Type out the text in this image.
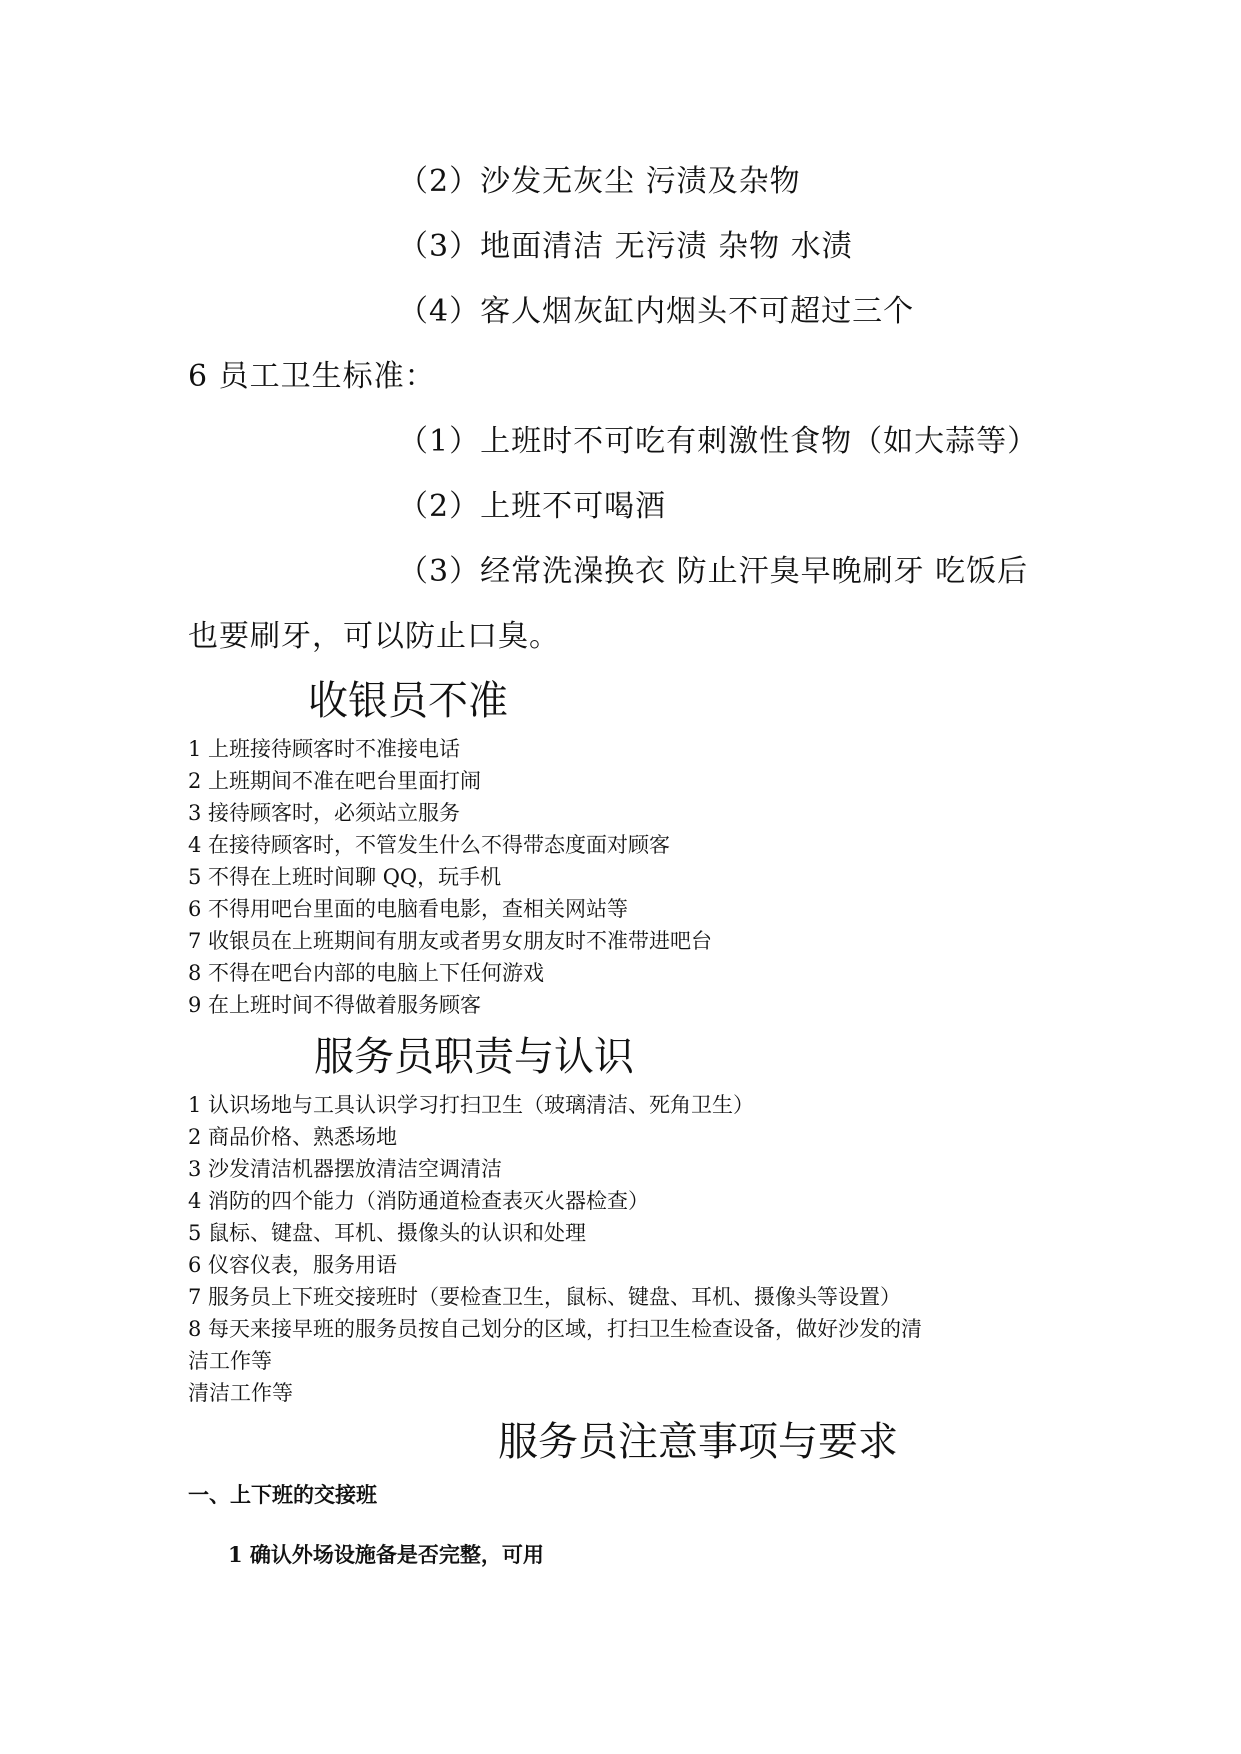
（2）沙发无灰尘 污渍及杂物
（3）地面清洁 无污渍 杂物 水渍
（4）客人烟灰缸内烟头不可超过三个
6 员工卫生标准：
（1）上班时不可吃有刺激性食物（如大蒜等）
（2）上班不可喝酒
（3）经常洗澡换衣 防止汗臭早晚刷牙 吃饭后
也要刷牙，可以防止口臭。
收银员不准
1 上班接待顾客时不准接电话
2 上班期间不准在吧台里面打闹
3 接待顾客时，必须站立服务
4 在接待顾客时，不管发生什么不得带态度面对顾客
5 不得在上班时间聊 QQ，玩手机
6 不得用吧台里面的电脑看电影，查相关网站等
7 收银员在上班期间有朋友或者男女朋友时不准带进吧台
8 不得在吧台内部的电脑上下任何游戏
9 在上班时间不得做着服务顾客
服务员职责与认识
1 认识场地与工具认识学习打扫卫生（玻璃清洁、死角卫生）
2 商品价格、熟悉场地
3 沙发清洁机器摆放清洁空调清洁
4 消防的四个能力（消防通道检查表灭火器检查）
5 鼠标、键盘、耳机、摄像头的认识和处理
6 仪容仪表，服务用语
7 服务员上下班交接班时（要检查卫生，鼠标、键盘、耳机、摄像头等设置）
8 每天来接早班的服务员按自己划分的区域，打扫卫生检查设备，做好沙发的清
洁工作等
清洁工作等
服务员注意事项与要求
一、上下班的交接班
1 确认外场设施备是否完整，可用
